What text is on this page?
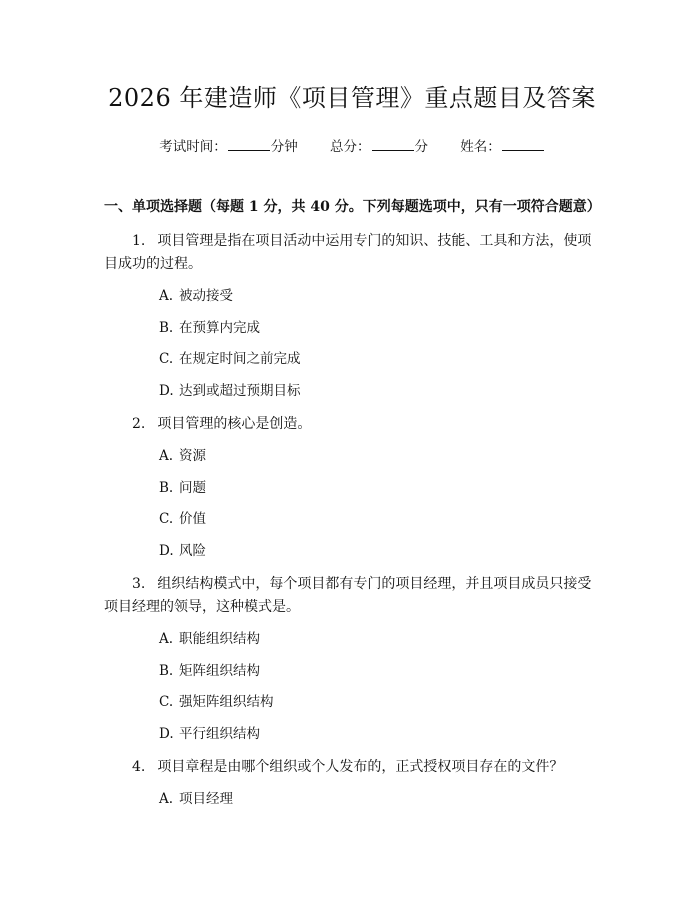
2026 年建造师《项目管理》重点题目及答案
考试时间：	分钟 总分：	分 姓名：
一、单项选择题（每题 1 分，共 40 分。下列每题选项中，只有一项符合题意）
1. 项目管理是指在项目活动中运用专门的知识、技能、工具和方法，使项目成功的过程。
A. 被动接受
B. 在预算内完成
C. 在规定时间之前完成
D. 达到或超过预期目标
2. 项目管理的核心是创造。
A. 资源
B. 问题
C. 价值
D. 风险
3. 组织结构模式中，每个项目都有专门的项目经理，并且项目成员只接受项目经理的领导，这种模式是。
A. 职能组织结构
B. 矩阵组织结构
C. 强矩阵组织结构
D. 平行组织结构
4. 项目章程是由哪个组织或个人发布的，正式授权项目存在的文件？
A. 项目经理
